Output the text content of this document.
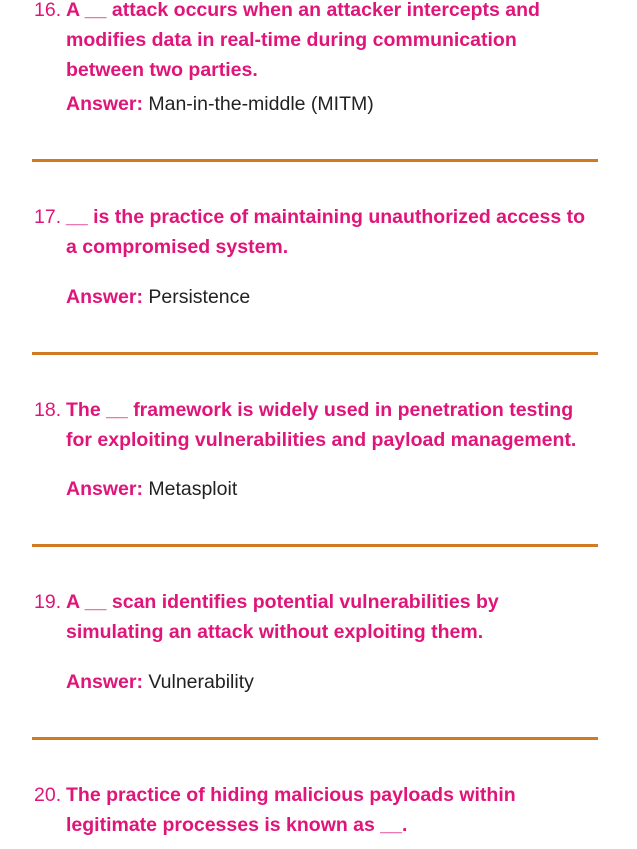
16. A __ attack occurs when an attacker intercepts and modifies data in real-time during communication between two parties.
Answer: Man-in-the-middle (MITM)
17. __ is the practice of maintaining unauthorized access to a compromised system.
Answer: Persistence
18. The __ framework is widely used in penetration testing for exploiting vulnerabilities and payload management.
Answer: Metasploit
19. A __ scan identifies potential vulnerabilities by simulating an attack without exploiting them.
Answer: Vulnerability
20. The practice of hiding malicious payloads within legitimate processes is known as __.
